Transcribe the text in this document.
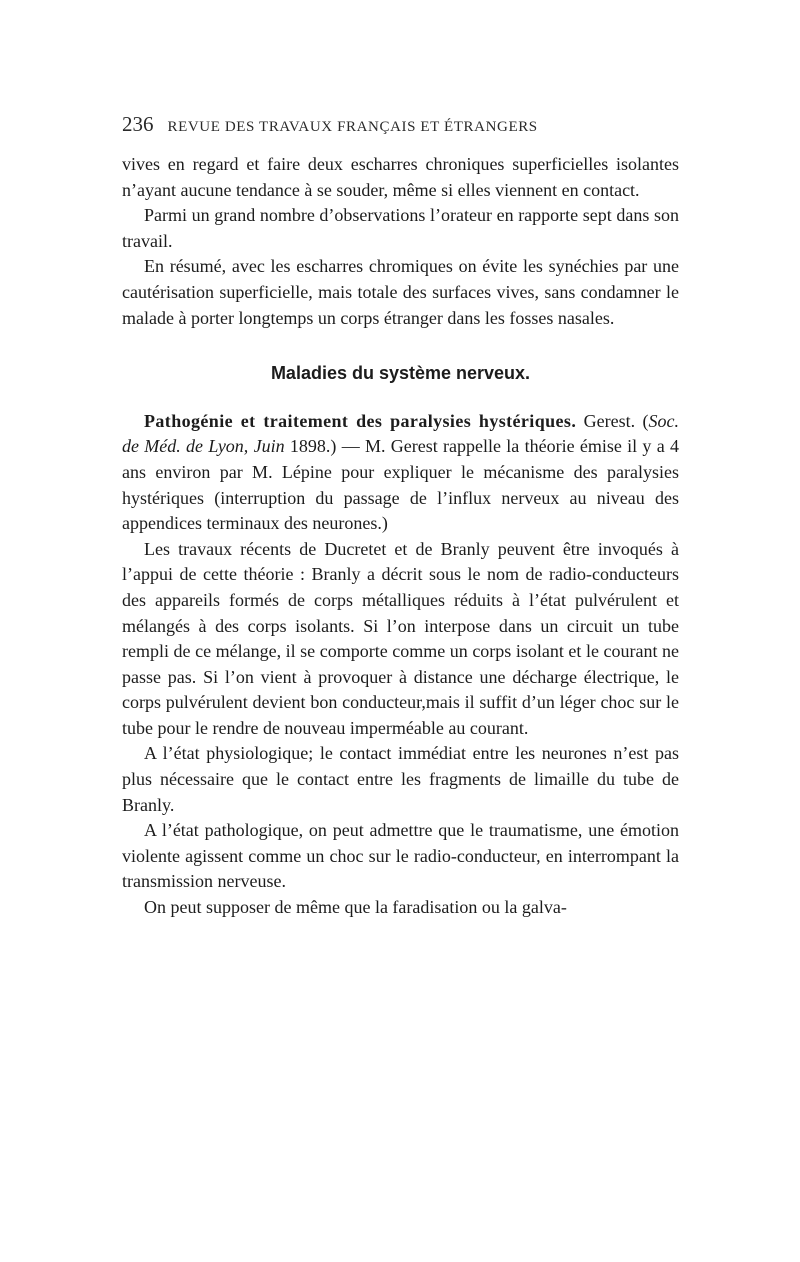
236 REVUE DES TRAVAUX FRANÇAIS ET ÉTRANGERS

vives en regard et faire deux escharres chroniques superficielles isolantes n’ayant aucune tendance à se souder, même si elles viennent en contact.

Parmi un grand nombre d’observations l’orateur en rapporte sept dans son travail.

En résumé, avec les escharres chromiques on évite les synéchies par une cautérisation superficielle, mais totale des surfaces vives, sans condamner le malade à porter longtemps un corps étranger dans les fosses nasales.

Maladies du système nerveux.

Pathogénie et traitement des paralysies hystériques. Gerest. (Soc. de Méd. de Lyon, Juin 1898.) — M. Gerest rappelle la théorie émise il y a 4 ans environ par M. Lépine pour expliquer le mécanisme des paralysies hystériques (interruption du passage de l’influx nerveux au niveau des appendices terminaux des neurones.)

Les travaux récents de Ducretet et de Branly peuvent être invoqués à l’appui de cette théorie : Branly a décrit sous le nom de radio-conducteurs des appareils formés de corps métalliques réduits à l’état pulvérulent et mélangés à des corps isolants. Si l’on interpose dans un circuit un tube rempli de ce mélange, il se comporte comme un corps isolant et le courant ne passe pas. Si l’on vient à provoquer à distance une décharge électrique, le corps pulvérulent devient bon conducteur,mais il suffit d’un léger choc sur le tube pour le rendre de nouveau imperméable au courant.

A l’état physiologique; le contact immédiat entre les neurones n’est pas plus nécessaire que le contact entre les fragments de limaille du tube de Branly.

A l’état pathologique, on peut admettre que le traumatisme, une émotion violente agissent comme un choc sur le radio-conducteur, en interrompant la transmission nerveuse.

On peut supposer de même que la faradisation ou la galva-
